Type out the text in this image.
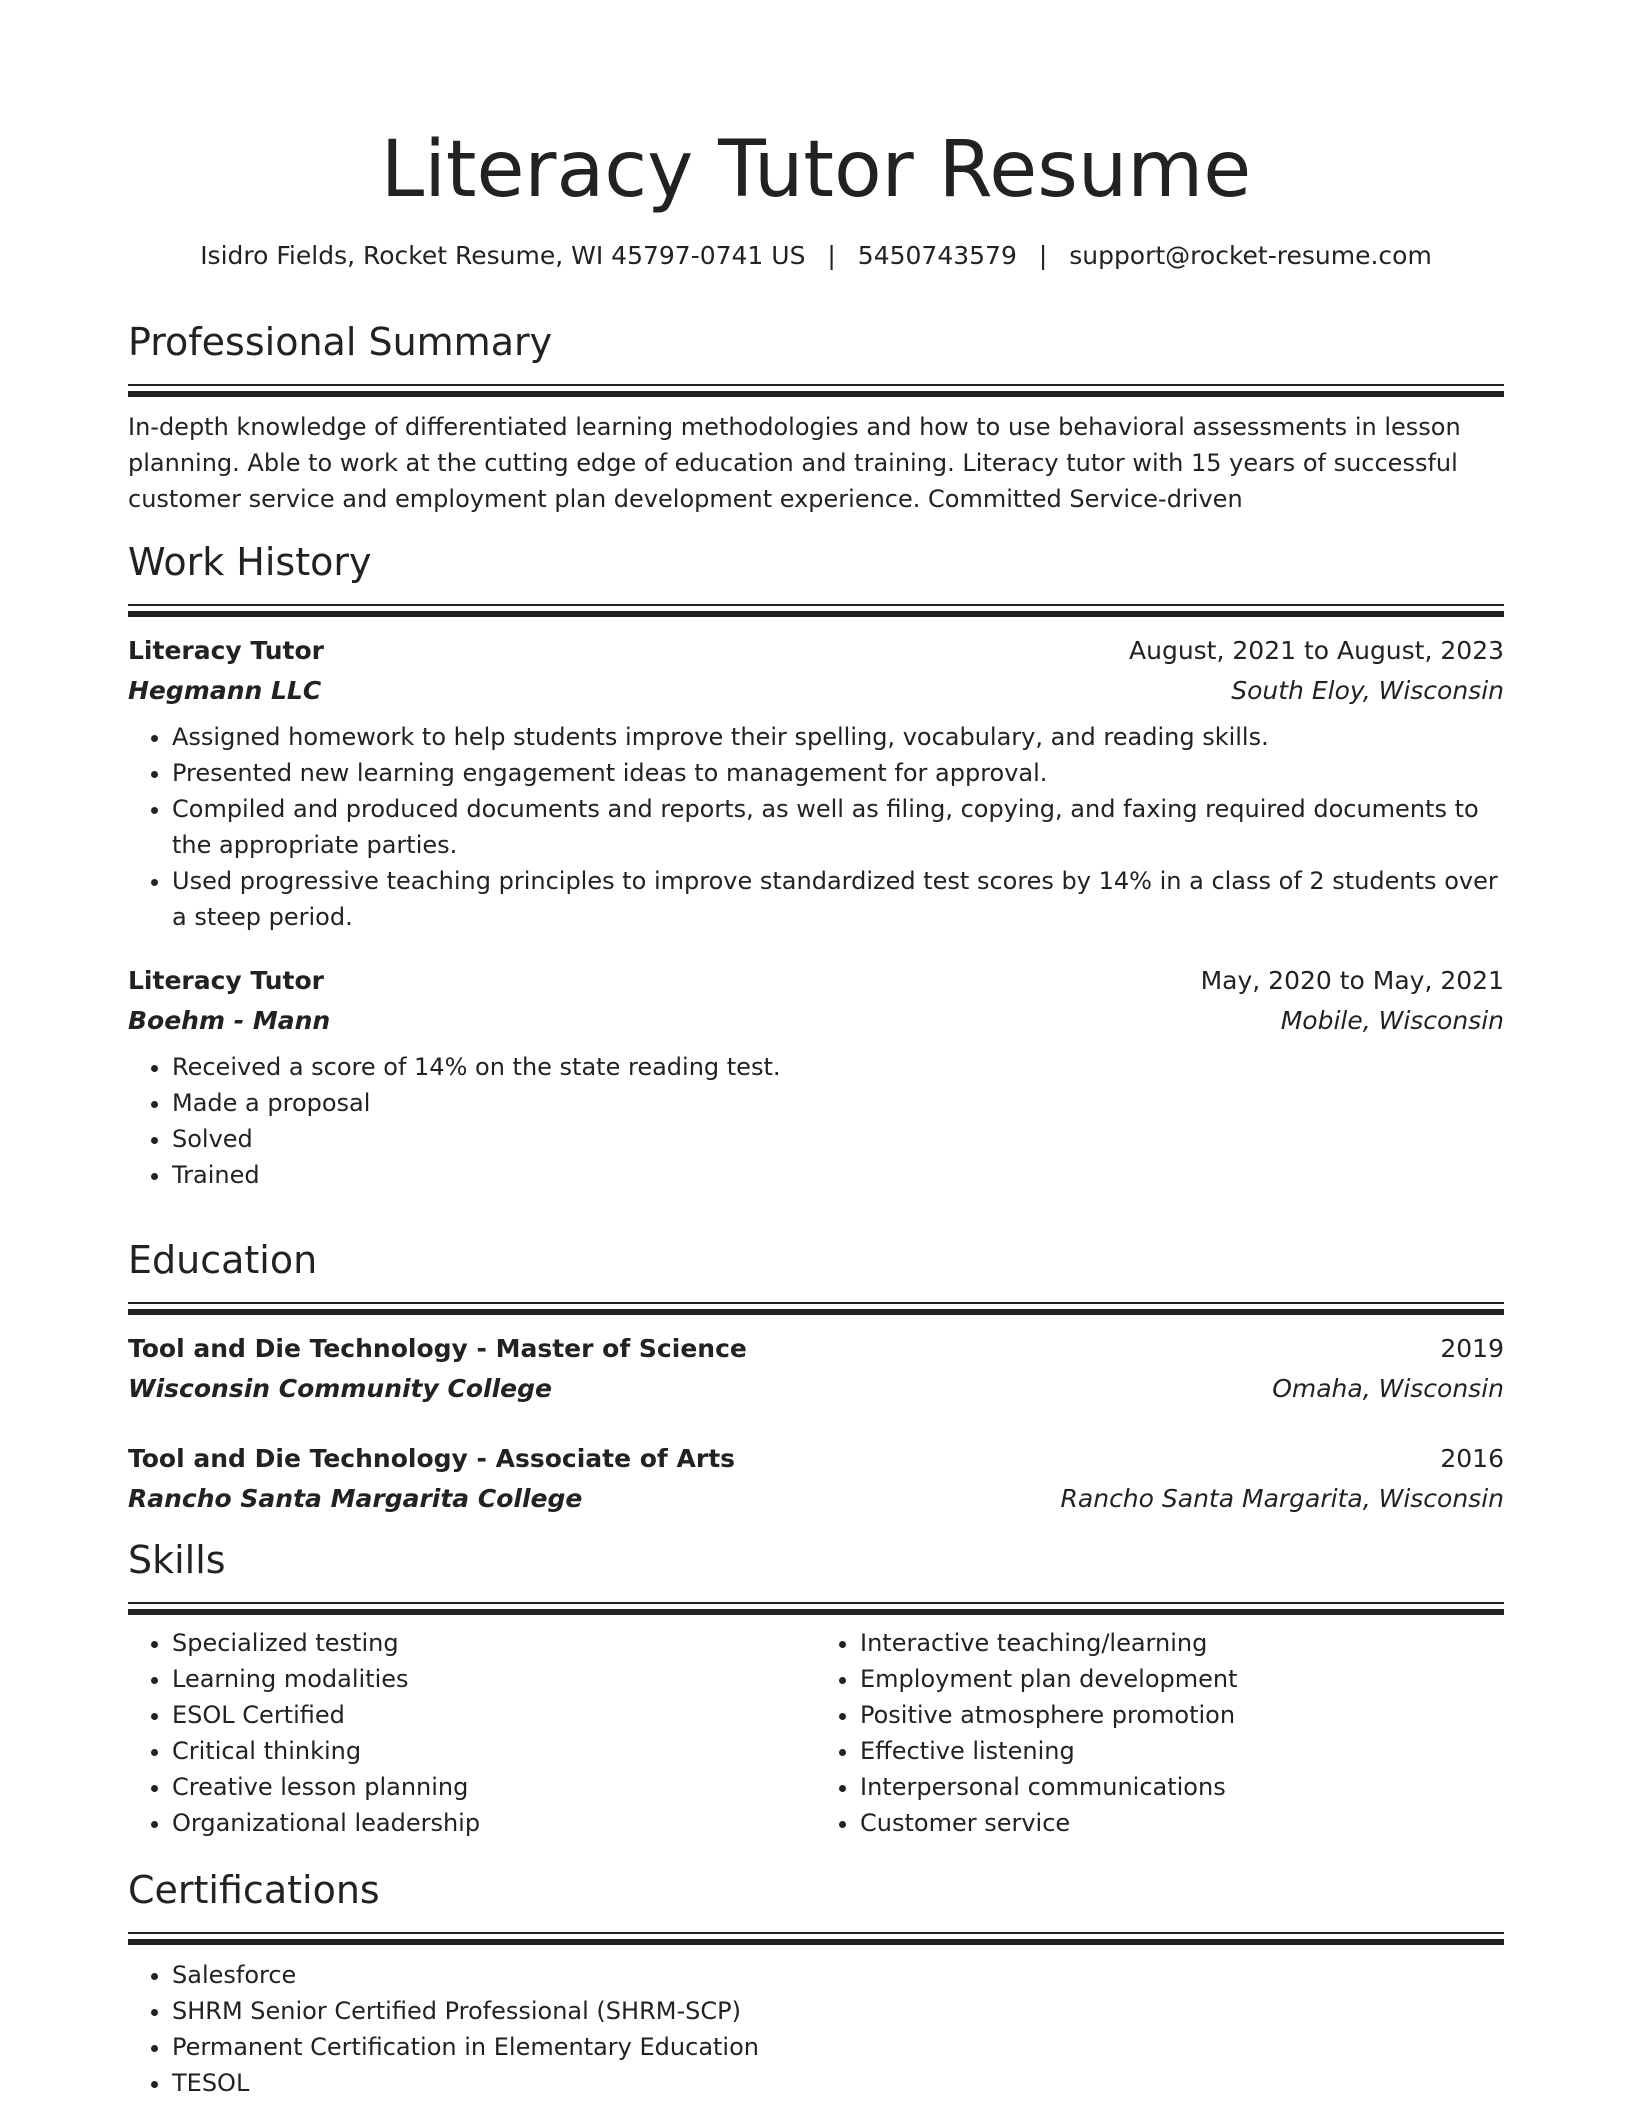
Literacy Tutor Resume
Isidro Fields, Rocket Resume, WI 45797-0741 US | 5450743579 | support@rocket-resume.com
Professional Summary
In-depth knowledge of differentiated learning methodologies and how to use behavioral assessments in lesson planning. Able to work at the cutting edge of education and training. Literacy tutor with 15 years of successful customer service and employment plan development experience. Committed Service-driven
Work History
Literacy Tutor	August, 2021 to August, 2023
Hegmann LLC	South Eloy, Wisconsin
• Assigned homework to help students improve their spelling, vocabulary, and reading skills.
• Presented new learning engagement ideas to management for approval.
• Compiled and produced documents and reports, as well as filing, copying, and faxing required documents to the appropriate parties.
• Used progressive teaching principles to improve standardized test scores by 14% in a class of 2 students over a steep period.
Literacy Tutor	May, 2020 to May, 2021
Boehm - Mann	Mobile, Wisconsin
• Received a score of 14% on the state reading test.
• Made a proposal
• Solved
• Trained
Education
Tool and Die Technology - Master of Science	2019
Wisconsin Community College	Omaha, Wisconsin
Tool and Die Technology - Associate of Arts	2016
Rancho Santa Margarita College	Rancho Santa Margarita, Wisconsin
Skills
• Specialized testing
• Learning modalities
• ESOL Certified
• Critical thinking
• Creative lesson planning
• Organizational leadership
• Interactive teaching/learning
• Employment plan development
• Positive atmosphere promotion
• Effective listening
• Interpersonal communications
• Customer service
Certifications
• Salesforce
• SHRM Senior Certified Professional (SHRM-SCP)
• Permanent Certification in Elementary Education
• TESOL
